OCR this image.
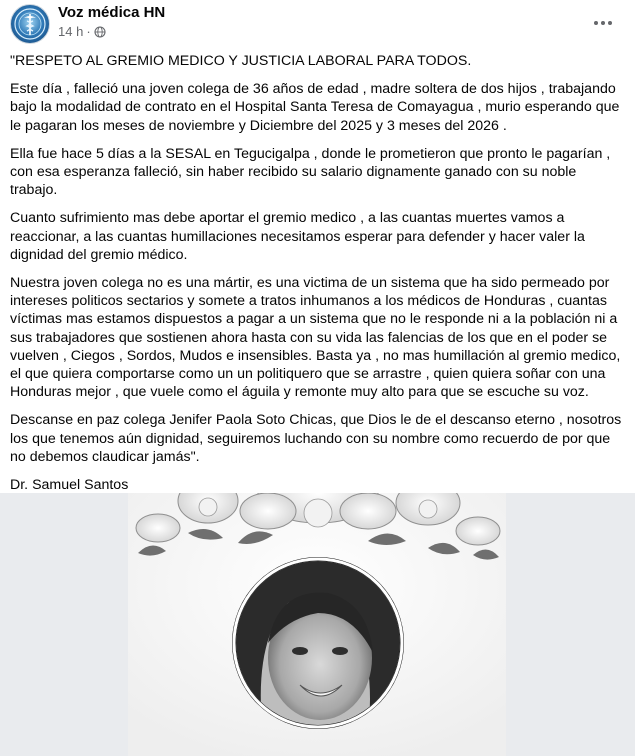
Voz médica HN
14 h ·

"RESPETO AL GREMIO MEDICO Y JUSTICIA LABORAL PARA TODOS.

Este día , falleció una joven colega de 36 años de edad , madre soltera de dos hijos , trabajando bajo la modalidad de contrato en el Hospital Santa Teresa de Comayagua , murio esperando que le pagaran los meses de noviembre y Diciembre del 2025 y 3 meses del 2026 .

Ella fue hace 5 días a la SESAL en Tegucigalpa , donde le prometieron que pronto le pagarían , con esa esperanza falleció, sin haber recibido su salario dignamente ganado con su noble trabajo.

Cuanto sufrimiento mas debe aportar el gremio medico , a las cuantas muertes vamos a reaccionar, a las cuantas humillaciones necesitamos esperar para defender y hacer valer la dignidad del gremio médico.

Nuestra joven colega no es una mártir, es una victima de un sistema que ha sido permeado por intereses politicos sectarios y somete a tratos inhumanos a los médicos de Honduras , cuantas víctimas mas estamos dispuestos a pagar a un sistema que no le responde ni a la población ni a sus trabajadores que sostienen ahora hasta con su vida las falencias de los que en el poder se vuelven , Ciegos , Sordos, Mudos e insensibles. Basta ya , no mas humillación al gremio medico, el que quiera comportarse como un un politiquero que se arrastre , quien quiera soñar con una Honduras mejor , que vuele como el águila y remonte muy alto para que se escuche su voz.

Descanse en paz colega Jenifer Paola Soto Chicas, que Dios le de el descanso eterno , nosotros los que tenemos aún dignidad, seguiremos luchando con su nombre como recuerdo de por que no debemos claudicar jamás".

Dr. Samuel Santos
